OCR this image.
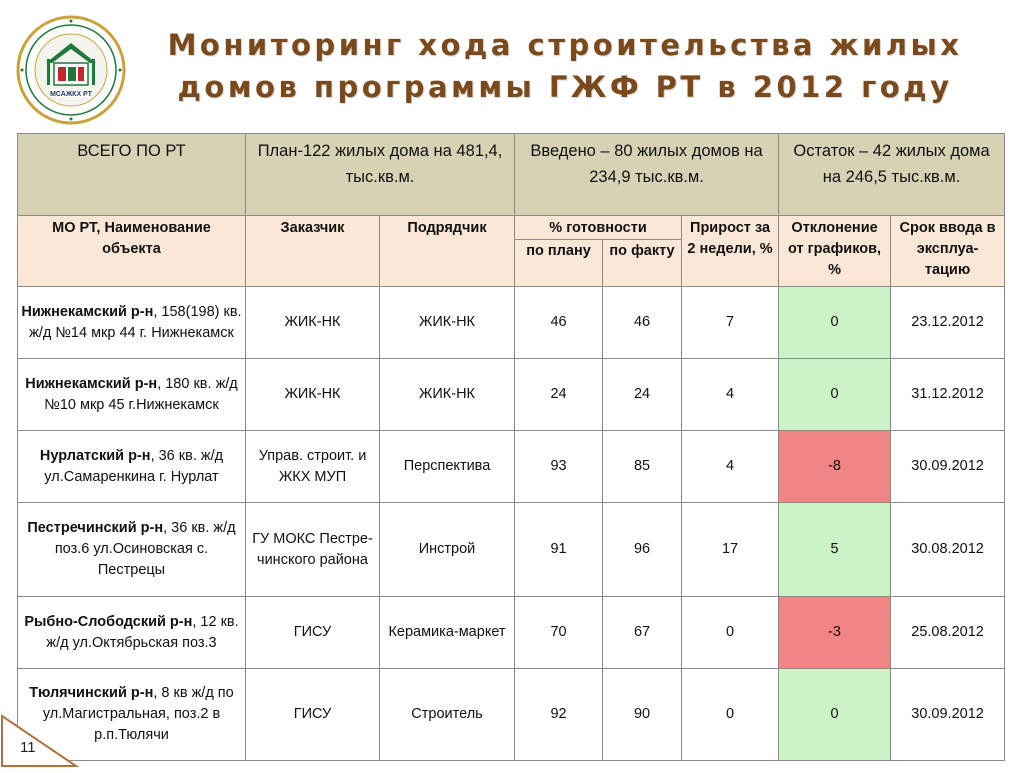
МСАЖКХ РТ
Мониторинг хода строительства жилых
домов программы ГЖФ РТ в 2012 году
ВСЕГО ПО РТ	План-122 жилых дома на 481,4, тыс.кв.м.		Введено – 80 жилых домов на 234,9 тыс.кв.м.			Остаток – 42 жилых дома на 246,5 тыс.кв.м.	
МО РТ, Наименование объекта	Заказчик	Подрядчик	% готовности		Прирост за 2 недели, %	Отклонение от графиков, %	Срок ввода в эксплуа-тацию
			по плану	по факту			
Нижнекамский р-н, 158(198) кв. ж/д №14 мкр 44 г. Нижнекамск	ЖИК-НК	ЖИК-НК	46	46	7	0	23.12.2012
Нижнекамский р-н, 180 кв. ж/д №10 мкр 45 г.Нижнекамск	ЖИК-НК	ЖИК-НК	24	24	4	0	31.12.2012
Нурлатский р-н, 36 кв. ж/д ул.Самаренкина г. Нурлат	Управ. строит. и ЖКХ МУП	Перспектива	93	85	4	-8	30.09.2012
Пестречинский р-н, 36 кв. ж/д поз.6 ул.Осиновская с. Пестрецы	ГУ МОКС Пестре-чинского района	Инстрой	91	96	17	5	30.08.2012
Рыбно-Слободский р-н, 12 кв. ж/д ул.Октябрьская поз.3	ГИСУ	Керамика-маркет	70	67	0	-3	25.08.2012
Тюлячинский р-н, 8 кв ж/д по ул.Магистральная, поз.2 в р.п.Тюлячи	ГИСУ	Строитель	92	90	0	0	30.09.2012
11
